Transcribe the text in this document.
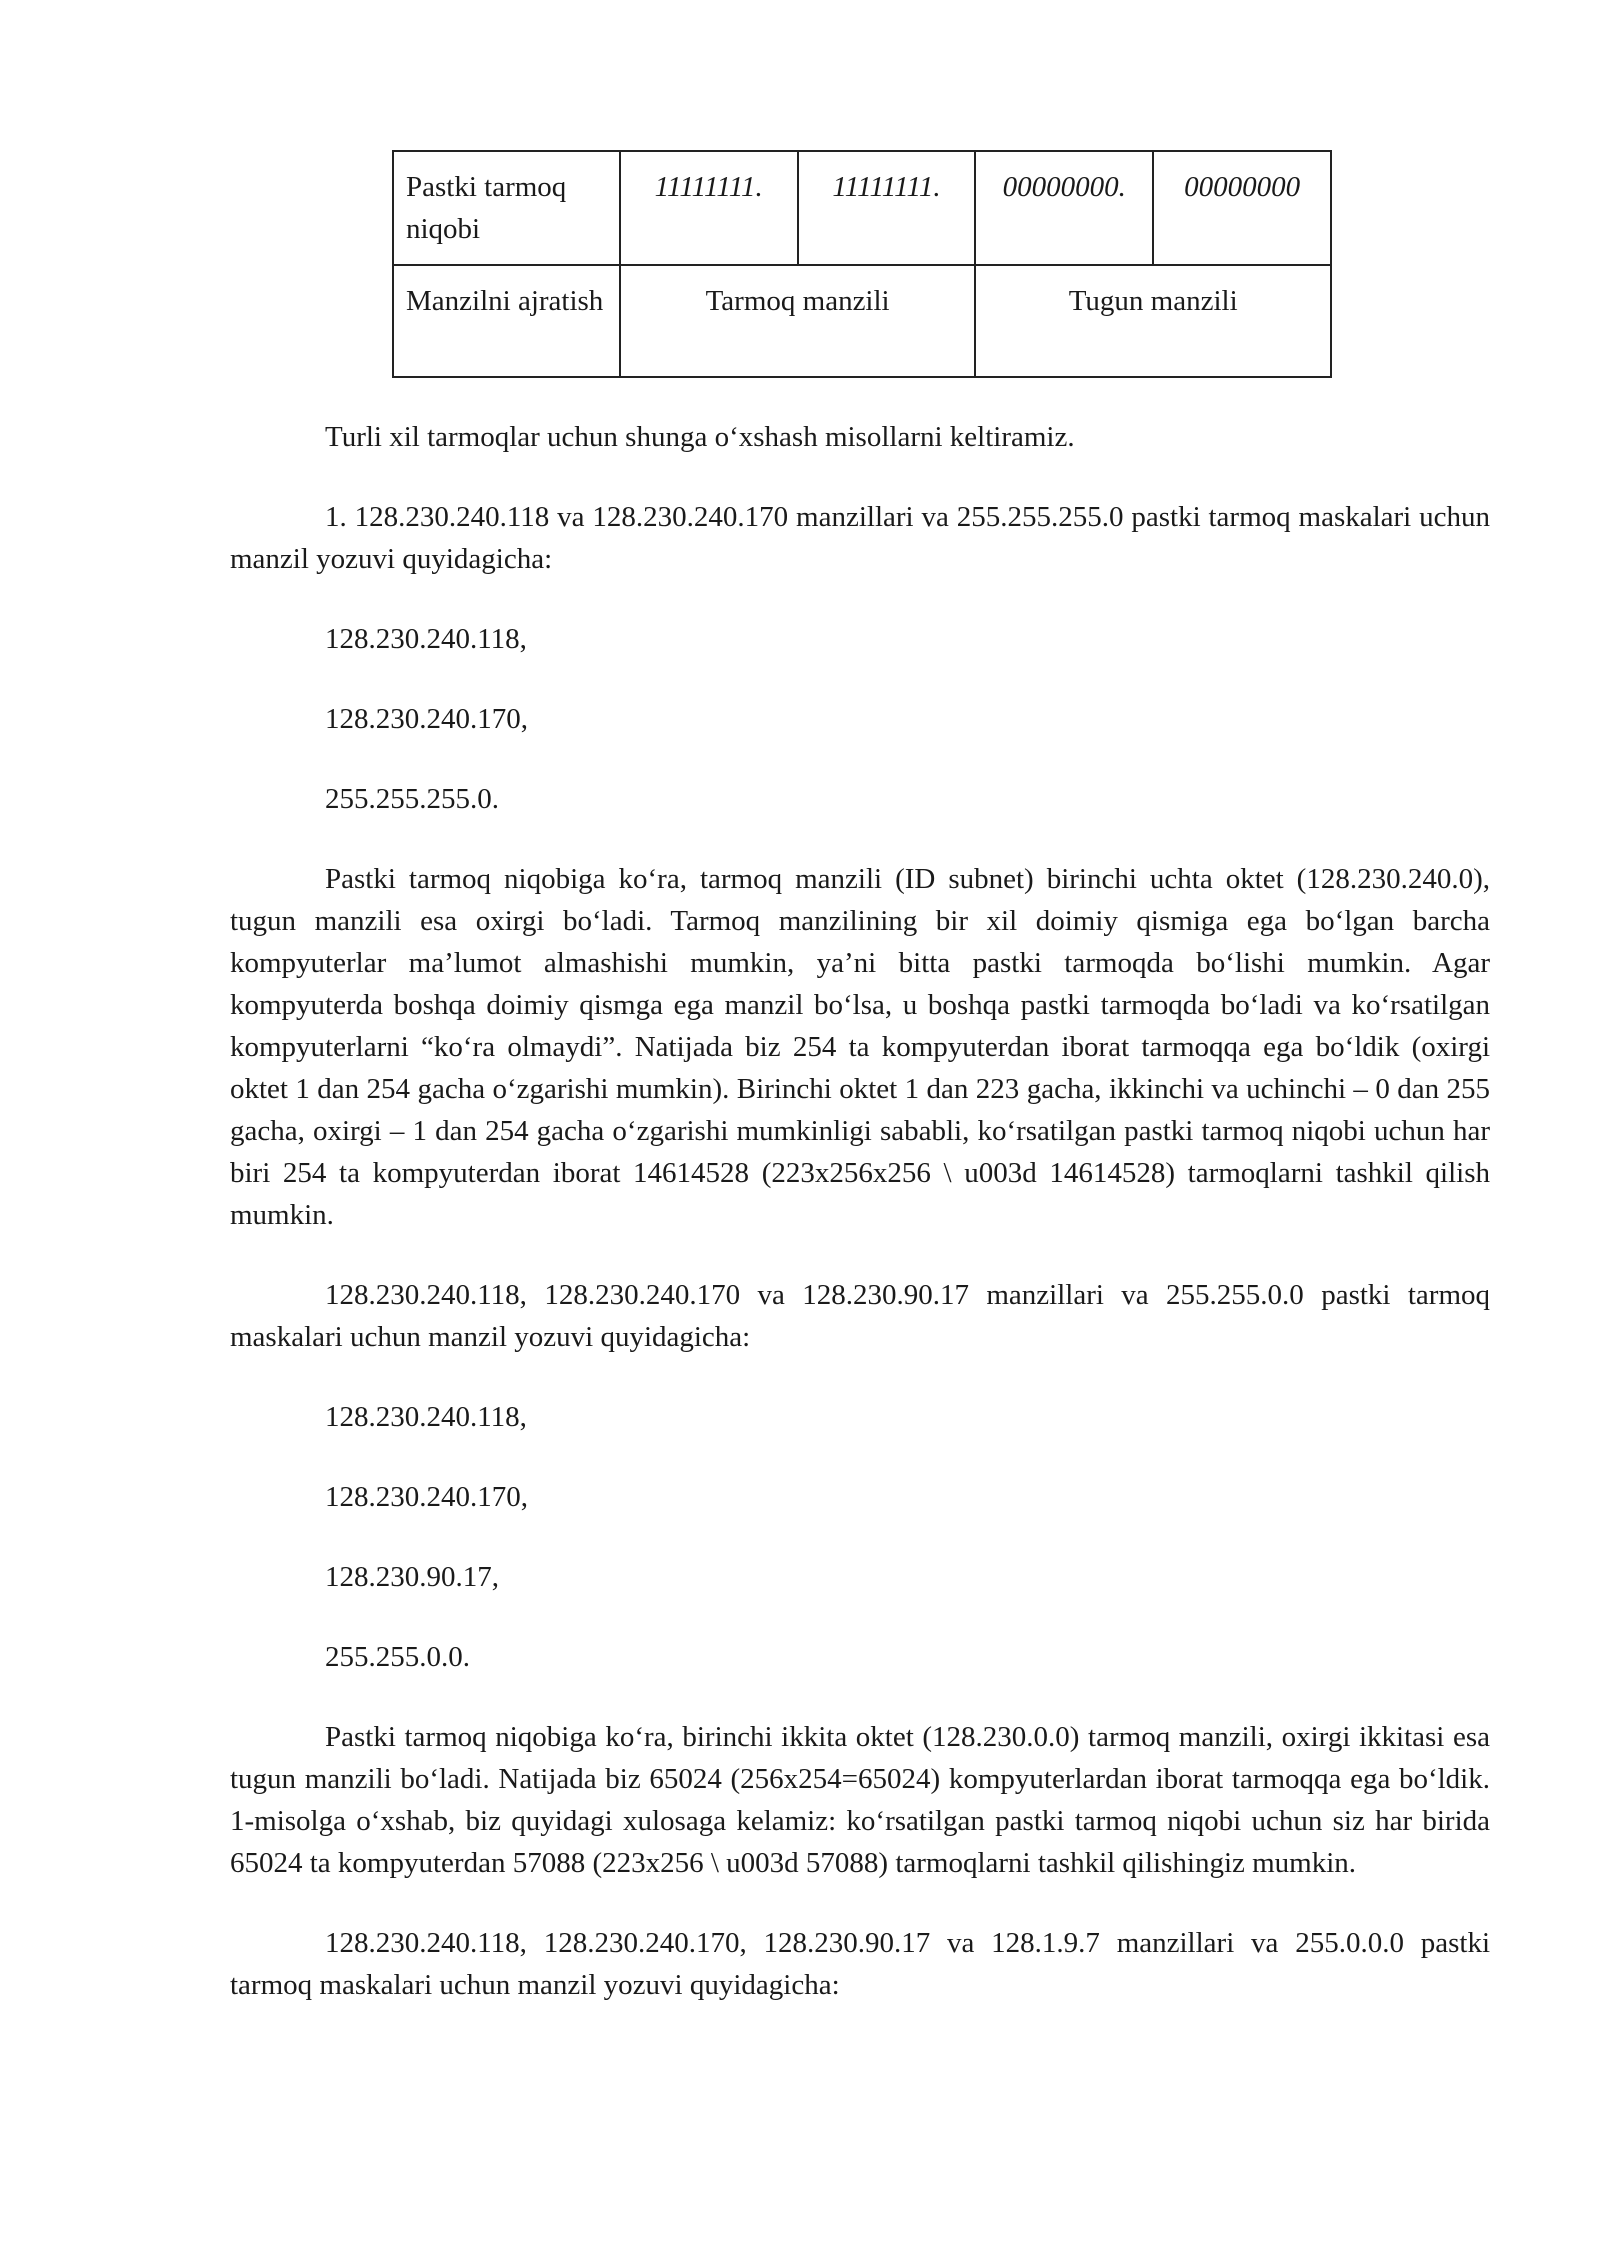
Pastki tarmoq niqobi	11111111.	11111111.	00000000.	00000000
Manzilni ajratish	Tarmoq manzili		Tugun manzili	

Turli xil tarmoqlar uchun shunga o‘xshash misollarni keltiramiz.

1. 128.230.240.118 va 128.230.240.170 manzillari va 255.255.255.0 pastki tarmoq maskalari uchun manzil yozuvi quyidagicha:

128.230.240.118,

128.230.240.170,

255.255.255.0.

Pastki tarmoq niqobiga ko‘ra, tarmoq manzili (ID subnet) birinchi uchta oktet (128.230.240.0), tugun manzili esa oxirgi bo‘ladi. Tarmoq manzilining bir xil doimiy qismiga ega bo‘lgan barcha kompyuterlar ma’lumot almashishi mumkin, ya’ni bitta pastki tarmoqda bo‘lishi mumkin. Agar kompyuterda boshqa doimiy qismga ega manzil bo‘lsa, u boshqa pastki tarmoqda bo‘ladi va ko‘rsatilgan kompyuterlarni “ko‘ra olmaydi”. Natijada biz 254 ta kompyuterdan iborat tarmoqqa ega bo‘ldik (oxirgi oktet 1 dan 254 gacha o‘zgarishi mumkin). Birinchi oktet 1 dan 223 gacha, ikkinchi va uchinchi – 0 dan 255 gacha, oxirgi – 1 dan 254 gacha o‘zgarishi mumkinligi sababli, ko‘rsatilgan pastki tarmoq niqobi uchun har biri 254 ta kompyuterdan iborat 14614528 (223x256x256 \ u003d 14614528) tarmoqlarni tashkil qilish mumkin.

128.230.240.118, 128.230.240.170 va 128.230.90.17 manzillari va 255.255.0.0 pastki tarmoq maskalari uchun manzil yozuvi quyidagicha:

128.230.240.118,

128.230.240.170,

128.230.90.17,

255.255.0.0.

Pastki tarmoq niqobiga ko‘ra, birinchi ikkita oktet (128.230.0.0) tarmoq manzili, oxirgi ikkitasi esa tugun manzili bo‘ladi. Natijada biz 65024 (256x254=65024) kompyuterlardan iborat tarmoqqa ega bo‘ldik. 1-misolga o‘xshab, biz quyidagi xulosaga kelamiz: ko‘rsatilgan pastki tarmoq niqobi uchun siz har birida 65024 ta kompyuterdan 57088 (223x256 \ u003d 57088) tarmoqlarni tashkil qilishingiz mumkin.

128.230.240.118, 128.230.240.170, 128.230.90.17 va 128.1.9.7 manzillari va 255.0.0.0 pastki tarmoq maskalari uchun manzil yozuvi quyidagicha:
